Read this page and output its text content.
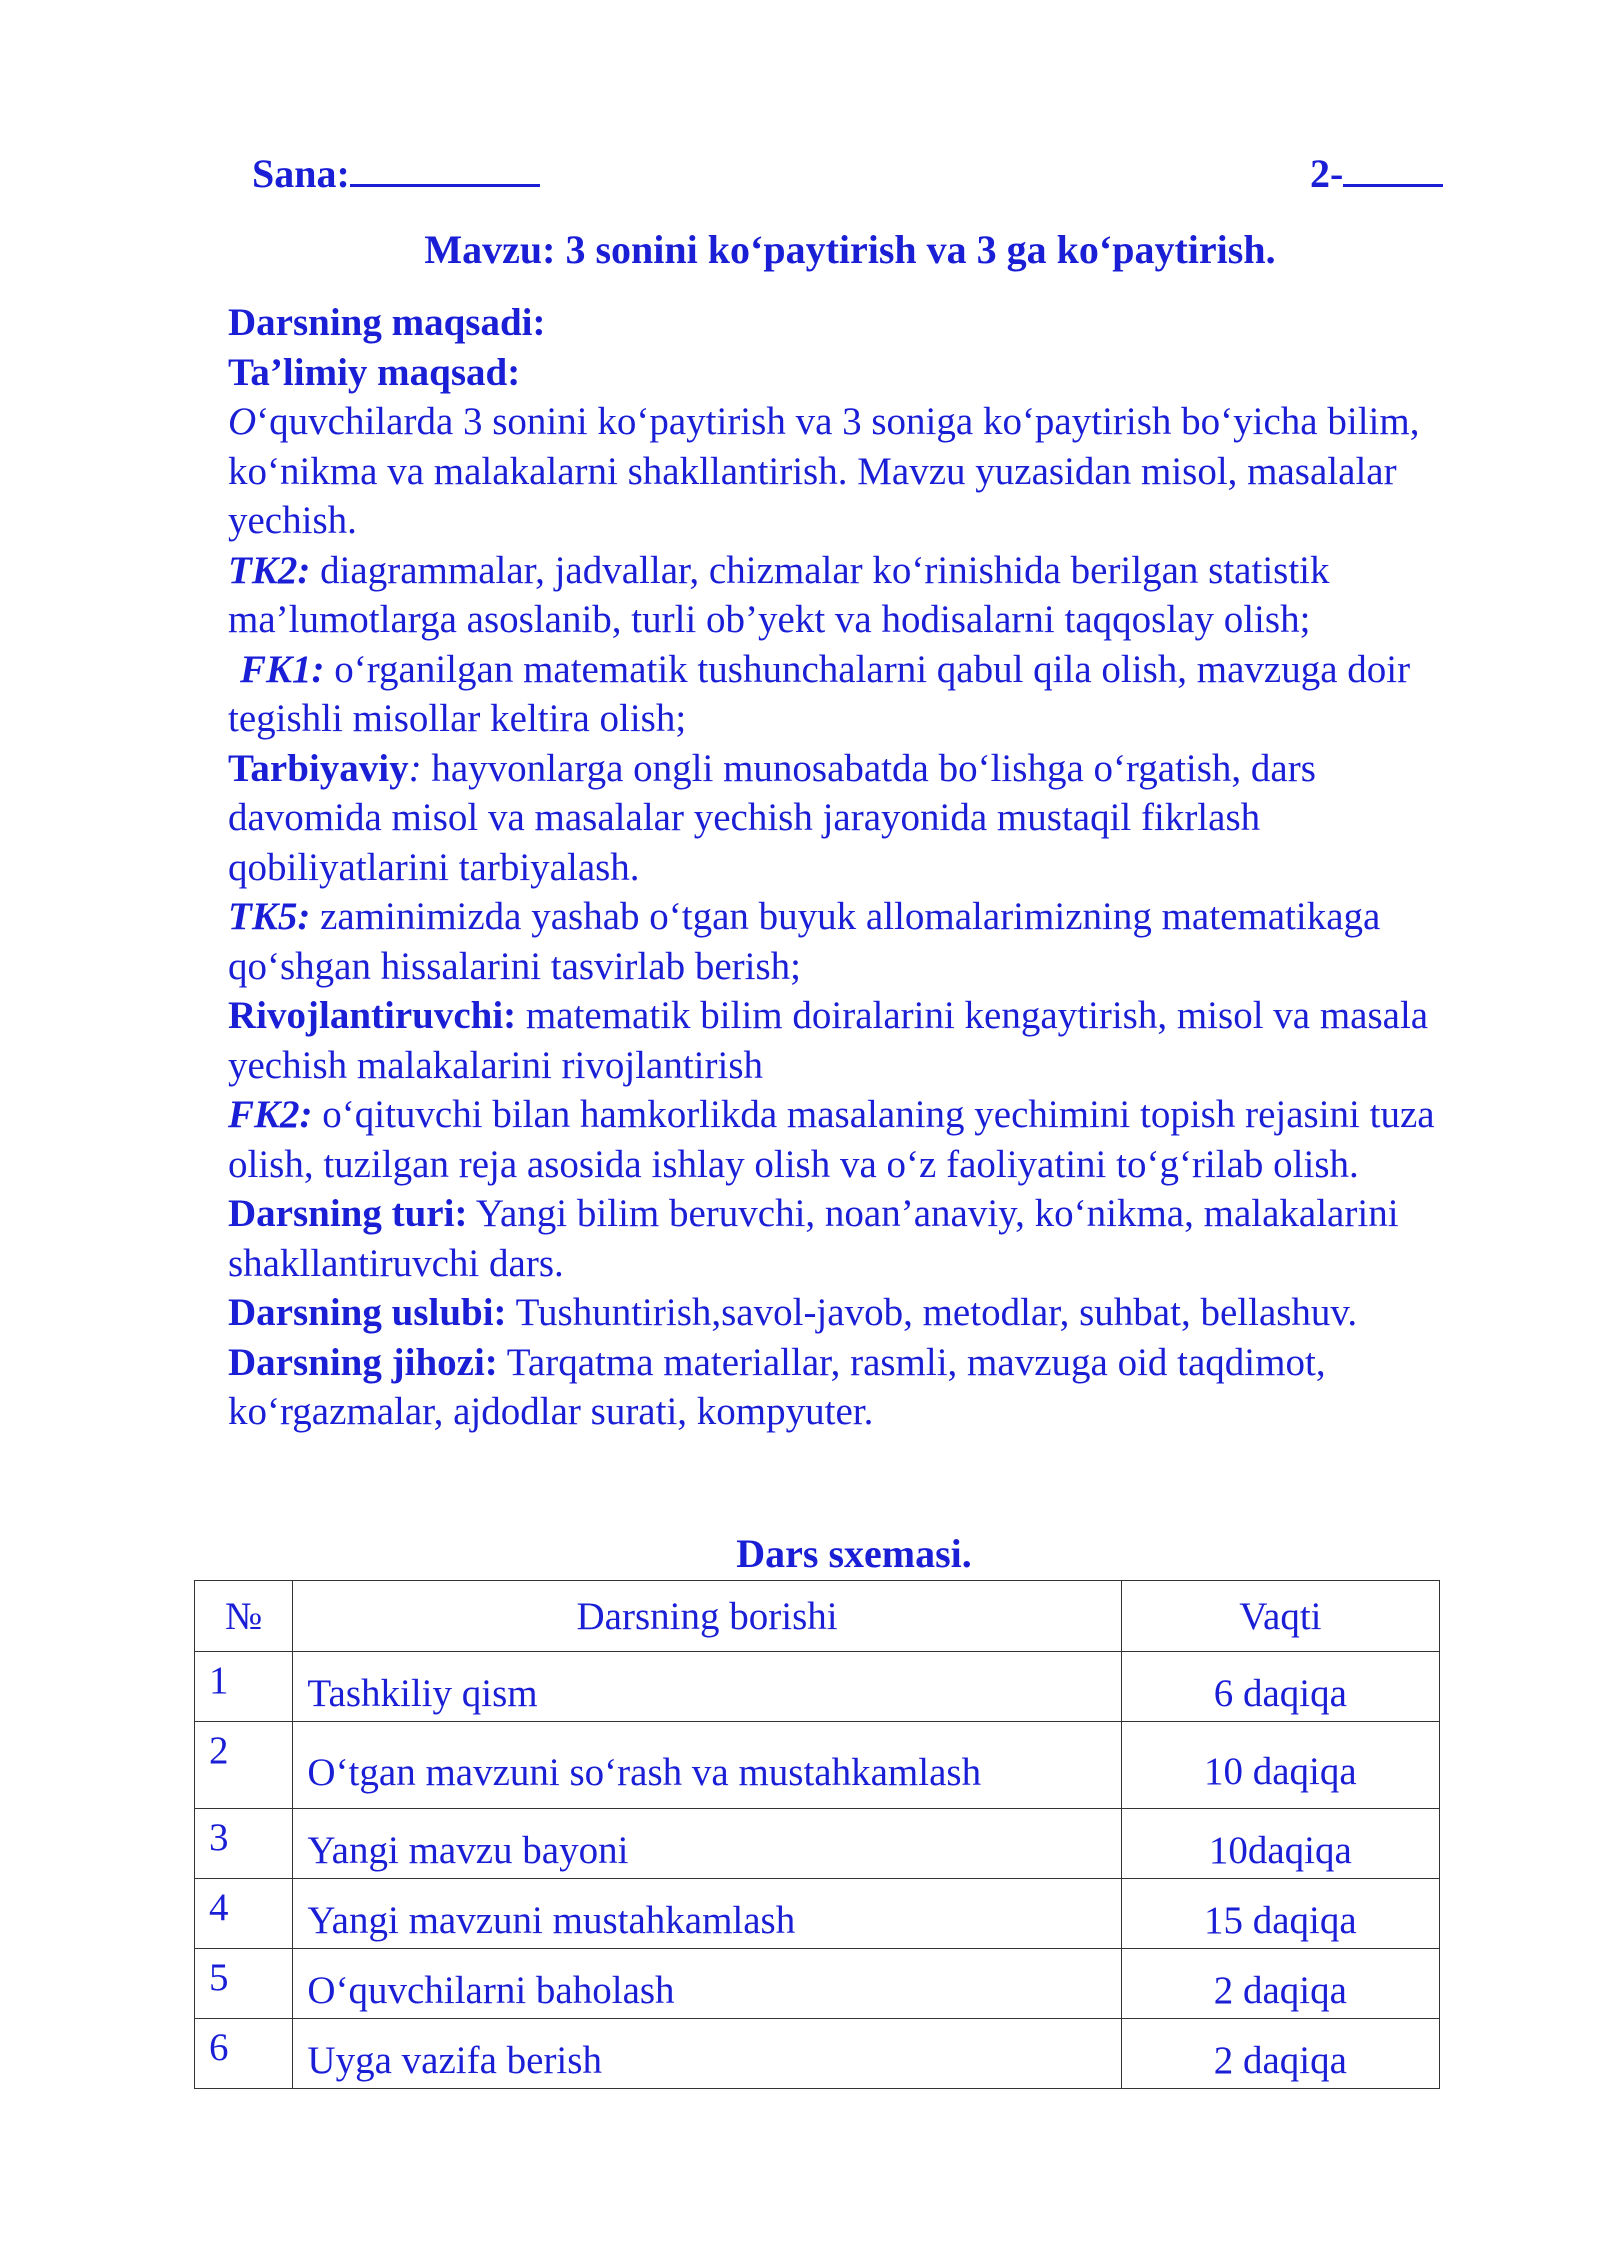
Sana:	2-
Mavzu: 3 sonini ko‘paytirish va 3 ga ko‘paytirish.

Darsning maqsadi:

Ta’limiy maqsad:

O‘quvchilarda 3 sonini ko‘paytirish va 3 soniga ko‘paytirish bo‘yicha bilim, ko‘nikma va malakalarni shakllantirish. Mavzu yuzasidan misol, masalalar yechish.

TK2: diagrammalar, jadvallar, chizmalar ko‘rinishida berilgan statistik ma’lumotlarga asoslanib, turli ob’yekt va hodisalarni taqqoslay olish;

FK1: o‘rganilgan matematik tushunchalarni qabul qila olish, mavzuga doir tegishli misollar keltira olish;

Tarbiyaviy: hayvonlarga ongli munosabatda bo‘lishga o‘rgatish, dars davomida misol va masalalar yechish jarayonida mustaqil fikrlash qobiliyatlarini tarbiyalash.

TK5: zaminimizda yashab o‘tgan buyuk allomalarimizning matematikaga qo‘shgan hissalarini tasvirlab berish;

Rivojlantiruvchi: matematik bilim doiralarini kengaytirish, misol va masala yechish malakalarini rivojlantirish

FK2: o‘qituvchi bilan hamkorlikda masalaning yechimini topish rejasini tuza olish, tuzilgan reja asosida ishlay olish va o‘z faoliyatini to‘g‘rilab olish.

Darsning turi: Yangi bilim beruvchi, noan’anaviy, ko‘nikma, malakalarini shakllantiruvchi dars.

Darsning uslubi: Tushuntirish,savol-javob, metodlar, suhbat, bellashuv.

Darsning jihozi: Tarqatma materiallar, rasmli, mavzuga oid taqdimot, ko‘rgazmalar, ajdodlar surati, kompyuter.

Dars sxemasi.
№	Darsning borishi	Vaqti
1	Tashkiliy qism	6 daqiqa
2	O‘tgan mavzuni so‘rash va mustahkamlash	10 daqiqa
3	Yangi mavzu bayoni	10daqiqa
4	Yangi mavzuni mustahkamlash	15 daqiqa
5	O‘quvchilarni baholash	2 daqiqa
6	Uyga vazifa berish	2 daqiqa
